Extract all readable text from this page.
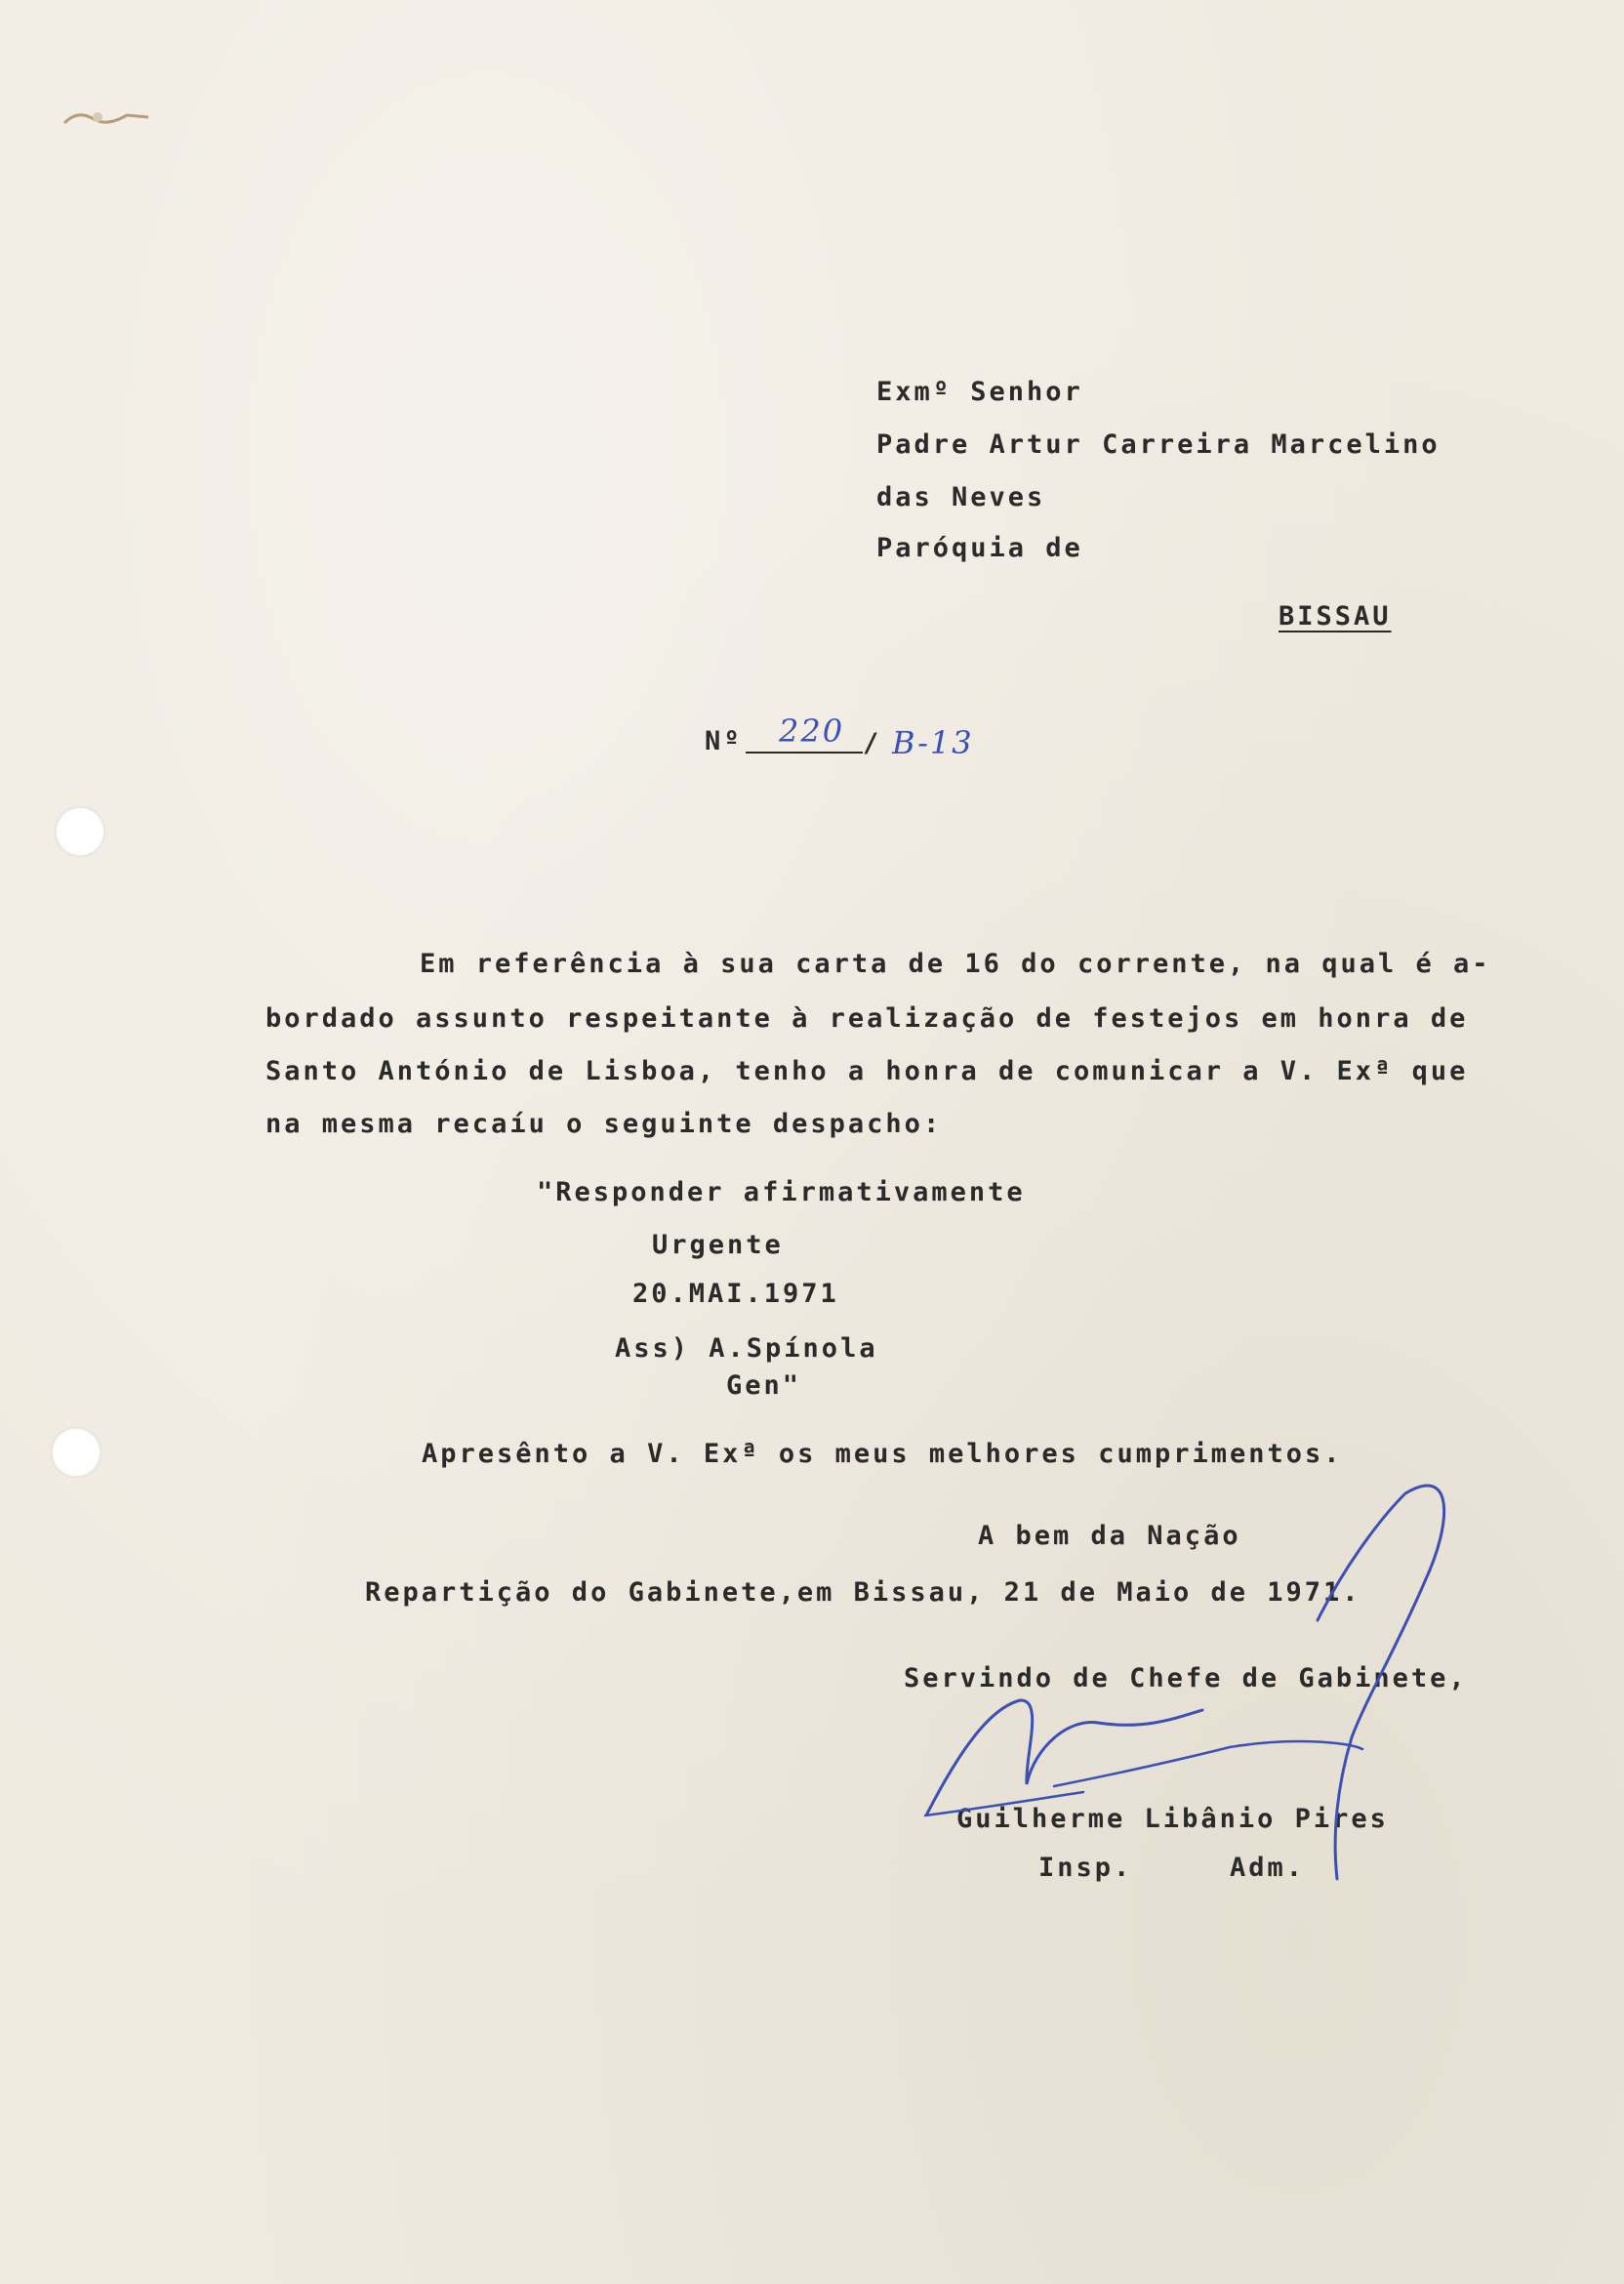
Exmº Senhor
Padre Artur Carreira Marcelino
das Neves
Paróquia de
BISSAU
Nº 220 / B-13
Em referência à sua carta de 16 do corrente, na qual é a-
bordado assunto respeitante à realização de festejos em honra de
Santo António de Lisboa, tenho a honra de comunicar a V. Exª que
na mesma recaíu o seguinte despacho:
"Responder afirmativamente
Urgente
20.MAI.1971
Ass) A.Spínola
Gen"
Apresênto a V. Exª os meus melhores cumprimentos.
A bem da Nação
Repartição do Gabinete,em Bissau, 21 de Maio de 1971.
Servindo de Chefe de Gabinete,
Guilherme Libânio Pires
Insp.	Adm.
